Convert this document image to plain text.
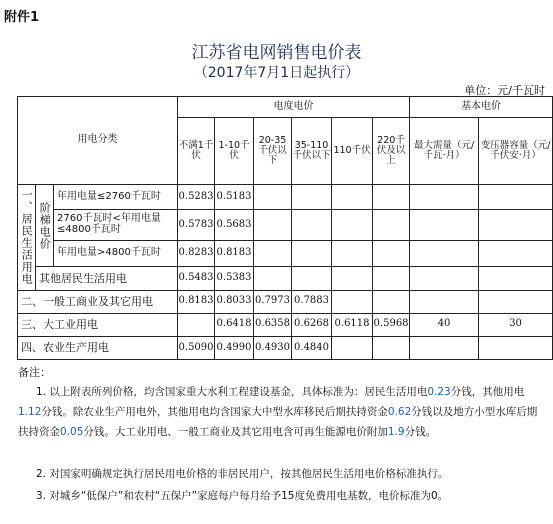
附件1
江苏省电网销售电价表
（2017年7月1日起执行）
单位：元/千瓦时
用电分类			电度电价						基本电价	
			不满1千伏	1-10千伏	20-35千伏以下	35-110千伏以下	110千伏	220千伏及以上	最大需量（元/千瓦·月）	变压器容量（元/千伏安·月）

一、居民生活用电	阶梯电价	年用电量≤2760千瓦时	0.5283	0.5183						
		2760千瓦时<年用电量≤4800千瓦时	0.5783	0.5683						
		年用电量>4800千瓦时	0.8283	0.8183						
	其他居民生活用电		0.5483	0.5383						
二、一般工商业及其它用电			0.8183	0.8033	0.7973	0.7883				
三、大工业用电				0.6418	0.6358	0.6268	0.6118	0.5968	40	30
四、农业生产用电			0.5090	0.4990	0.4930	0.4840				
备注：
1. 以上附表所列价格，均含国家重大水利工程建设基金，具体标准为：居民生活用电0.23分钱，其他用电1.12分钱。除农业生产用电外，其他用电均含国家大中型水库移民后期扶持资金0.62分钱以及地方小型水库后期扶持资金0.05分钱。大工业用电、一般工商业及其它用电含可再生能源电价附加1.9分钱。
2. 对国家明确规定执行居民用电价格的非居民用户，按其他居民生活用电价格标准执行。
3. 对城乡“低保户”和农村“五保户”家庭每户每月给予15度免费用电基数，电价标准为0。
